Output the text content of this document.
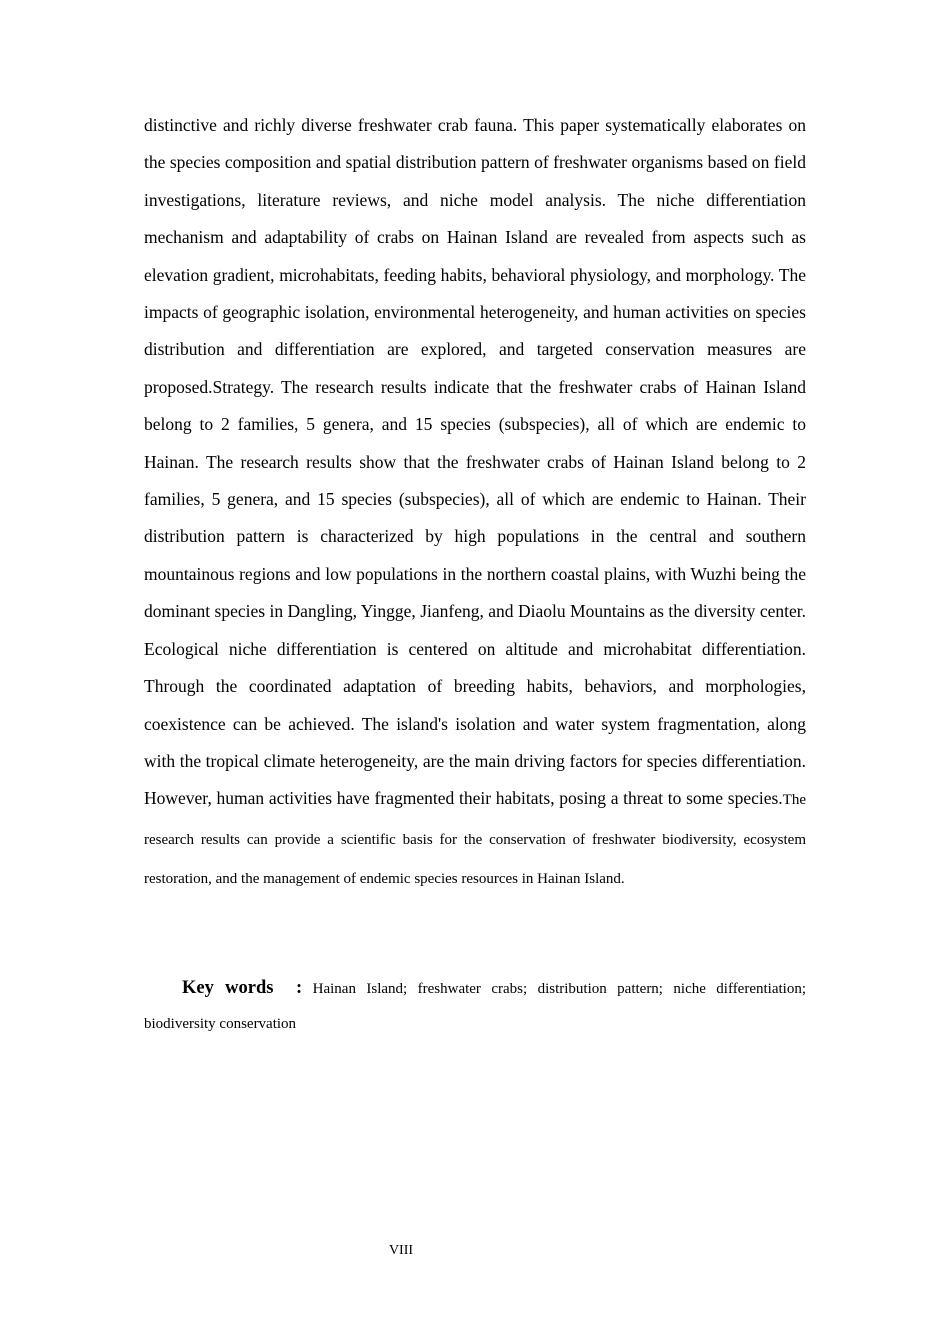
distinctive and richly diverse freshwater crab fauna. This paper systematically elaborates on the species composition and spatial distribution pattern of freshwater organisms based on field investigations, literature reviews, and niche model analysis. The niche differentiation mechanism and adaptability of crabs on Hainan Island are revealed from aspects such as elevation gradient, microhabitats, feeding habits, behavioral physiology, and morphology. The impacts of geographic isolation, environmental heterogeneity, and human activities on species distribution and differentiation are explored, and targeted conservation measures are proposed.Strategy. The research results indicate that the freshwater crabs of Hainan Island belong to 2 families, 5 genera, and 15 species (subspecies), all of which are endemic to Hainan. The research results show that the freshwater crabs of Hainan Island belong to 2 families, 5 genera, and 15 species (subspecies), all of which are endemic to Hainan. Their distribution pattern is characterized by high populations in the central and southern mountainous regions and low populations in the northern coastal plains, with Wuzhi being the dominant species in Dangling, Yingge, Jianfeng, and Diaolu Mountains as the diversity center. Ecological niche differentiation is centered on altitude and microhabitat differentiation. Through the coordinated adaptation of breeding habits, behaviors, and morphologies, coexistence can be achieved. The island's isolation and water system fragmentation, along with the tropical climate heterogeneity, are the main driving factors for species differentiation. However, human activities have fragmented their habitats, posing a threat to some species.The research results can provide a scientific basis for the conservation of freshwater biodiversity, ecosystem restoration, and the management of endemic species resources in Hainan Island.

Key words  : Hainan Island; freshwater crabs; distribution pattern; niche differentiation; biodiversity conservation

VIII
